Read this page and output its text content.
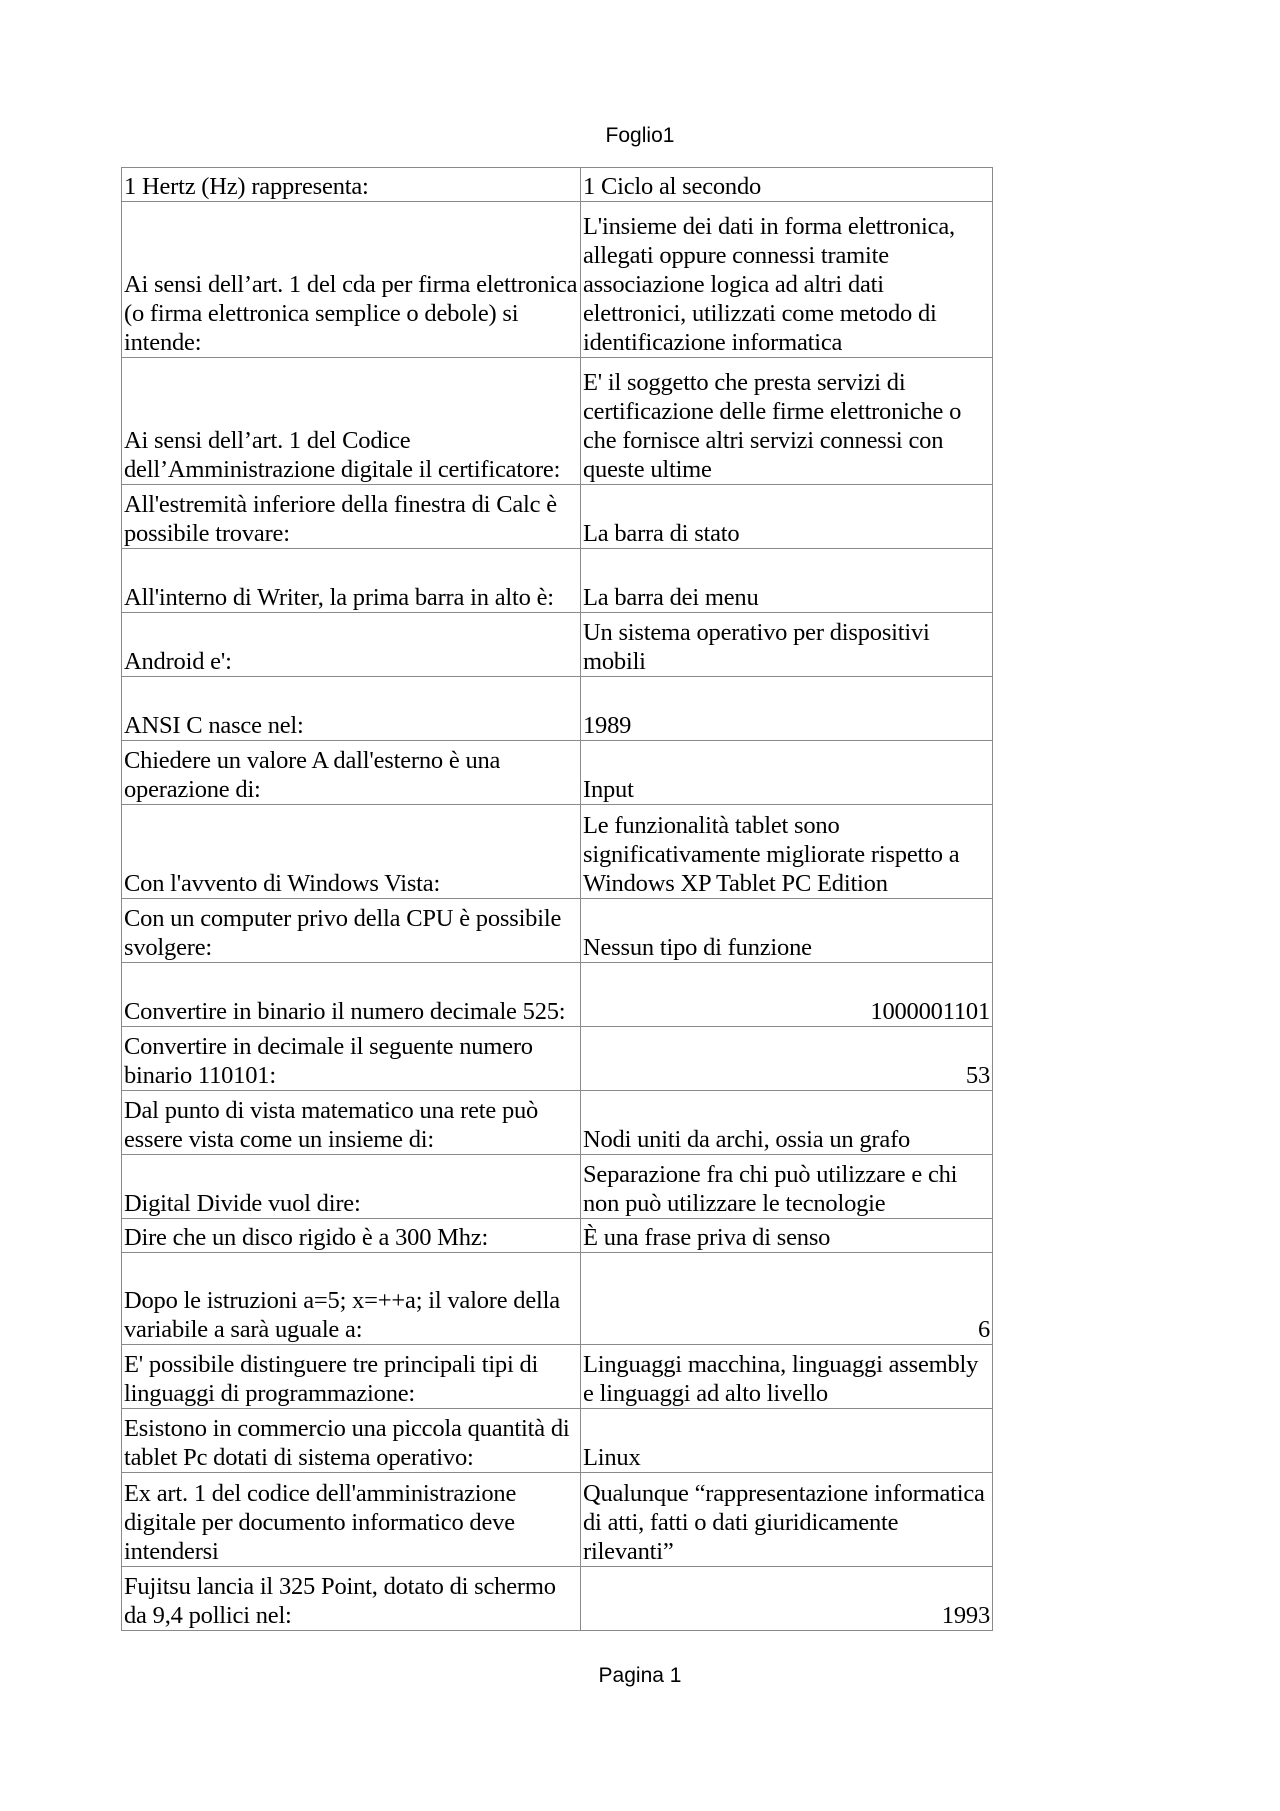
Foglio1
1 Hertz (Hz) rappresenta:	1 Ciclo al secondo
Ai sensi dell’art. 1 del cda per firma elettronica (o firma elettronica semplice o debole) si intende:	L'insieme dei dati in forma elettronica, allegati oppure connessi tramite associazione logica ad altri dati elettronici, utilizzati come metodo di identificazione informatica
Ai sensi dell’art. 1 del Codice dell’Amministrazione digitale il certificatore:	E' il soggetto che presta servizi di certificazione delle firme elettroniche o che fornisce altri servizi connessi con queste ultime
All'estremità inferiore della finestra di Calc è possibile trovare:	La barra di stato
All'interno di Writer, la prima barra in alto è:	La barra dei menu
Android e':	Un sistema operativo per dispositivi mobili
ANSI C nasce nel:	1989
Chiedere un valore A dall'esterno è una operazione di:	Input
Con l'avvento di Windows Vista:	Le funzionalità tablet sono significativamente migliorate rispetto a Windows XP Tablet PC Edition
Con un computer privo della CPU è possibile svolgere:	Nessun tipo di funzione
Convertire in binario il numero decimale 525:	1000001101
Convertire in decimale il seguente numero binario 110101:	53
Dal punto di vista matematico una rete può essere vista come un insieme di:	Nodi uniti da archi, ossia un grafo
Digital Divide vuol dire:	Separazione fra chi può utilizzare e chi non può utilizzare le tecnologie
Dire che un disco rigido è a 300 Mhz:	È una frase priva di senso
Dopo le istruzioni a=5; x=++a; il valore della variabile a sarà uguale a:	6
E' possibile distinguere tre principali tipi di linguaggi di programmazione:	Linguaggi macchina, linguaggi assembly e linguaggi ad alto livello
Esistono in commercio una piccola quantità di tablet Pc dotati di sistema operativo:	Linux
Ex art. 1 del codice dell'amministrazione digitale per documento informatico deve intendersi	Qualunque “rappresentazione informatica di atti, fatti o dati giuridicamente rilevanti”
Fujitsu lancia il 325 Point, dotato di schermo da 9,4 pollici nel:	1993
Pagina 1
